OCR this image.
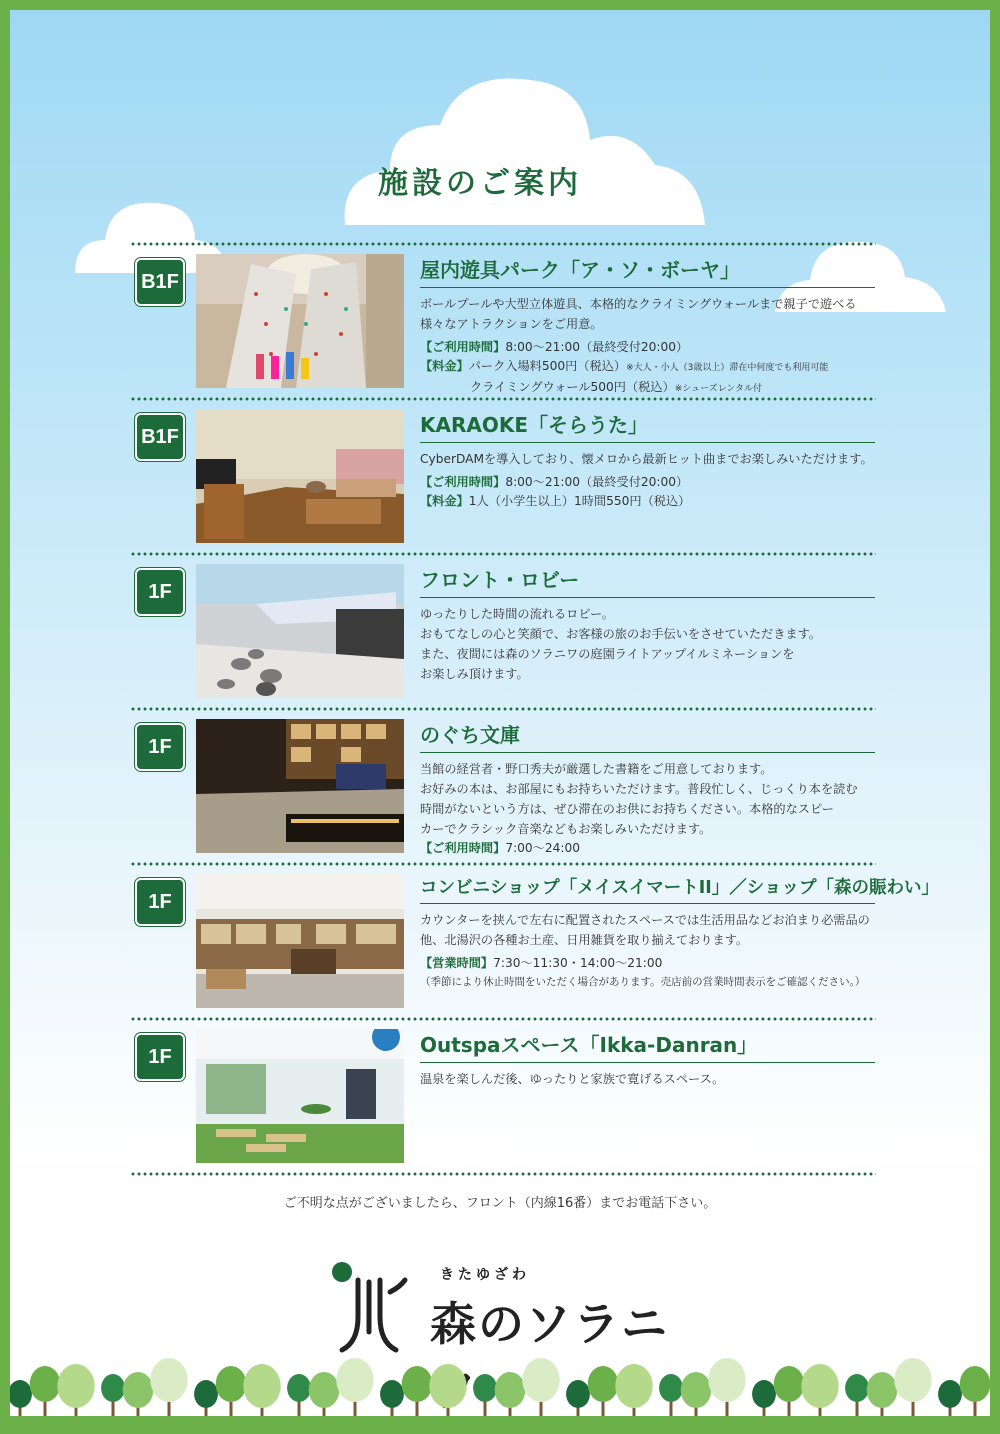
施設のご案内
B1F	屋内遊具パーク「ア・ソ・ボーヤ」
ボールプールや大型立体遊具、本格的なクライミングウォールまで親子で遊べる様々なアトラクションをご用意。
【ご利用時間】8:00～21:00（最終受付20:00）
【料金】パーク入場料500円（税込）※大人・小人（3歳以上）滞在中何度でも利用可能
クライミングウォール500円（税込）※シューズレンタル付
B1F	KARAOKE「そらうた」
CyberDAMを導入しており、懐メロから最新ヒット曲までお楽しみいただけます。
【ご利用時間】8:00～21:00（最終受付20:00）
【料金】1人（小学生以上）1時間550円（税込）
1F	フロント・ロビー
ゆったりした時間の流れるロビー。
おもてなしの心と笑顔で、お客様の旅のお手伝いをさせていただきます。
また、夜間には森のソラニワの庭園ライトアップイルミネーションを
お楽しみ頂けます。
1F	のぐち文庫
当館の経営者・野口秀夫が厳選した書籍をご用意しております。
お好みの本は、お部屋にもお持ちいただけます。普段忙しく、じっくり本を読む
時間がないという方は、ぜひ滞在のお供にお持ちください。本格的なスピー
カーでクラシック音楽などもお楽しみいただけます。
【ご利用時間】7:00～24:00
1F
コンビニショップ「メイスイマートII」／ショップ「森の賑わい」
カウンターを挟んで左右に配置されたスペースでは生活用品などお泊まり必需品の他、北湯沢の各種お土産、日用雑貨を取り揃えております。
【営業時間】7:30～11:30・14:00～21:00
（季節により休止時間をいただく場合があります。売店前の営業時間表示をご確認ください。）
1F	Outspaスペース「Ikka-Danran」
温泉を楽しんだ後、ゆったりと家族で寛げるスペース。
ご不明な点がございましたら、フロント（内線16番）までお電話下さい。
きたゆざわ
森のソラニ
